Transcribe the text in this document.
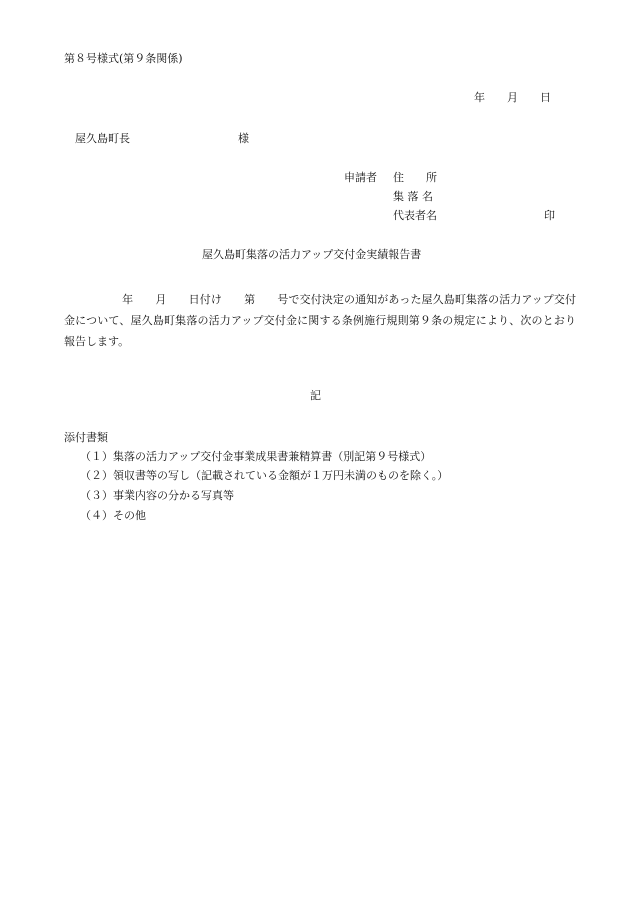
第８号様式(第９条関係)
年　　月　　日
屋久島町長	様
申請者 住　　所
集 落 名
代表者名	印
屋久島町集落の活力アップ交付金実績報告書
年　　月　　日付け　　第　　号で交付決定の通知があった屋久島町集落の活力アップ交付金について、屋久島町集落の活力アップ交付金に関する条例施行規則第９条の規定により、次のとおり報告します。
記
添付書類
（１）集落の活力アップ交付金事業成果書兼精算書（別記第９号様式）
（２）領収書等の写し（記載されている金額が１万円未満のものを除く。）
（３）事業内容の分かる写真等
（４）その他
